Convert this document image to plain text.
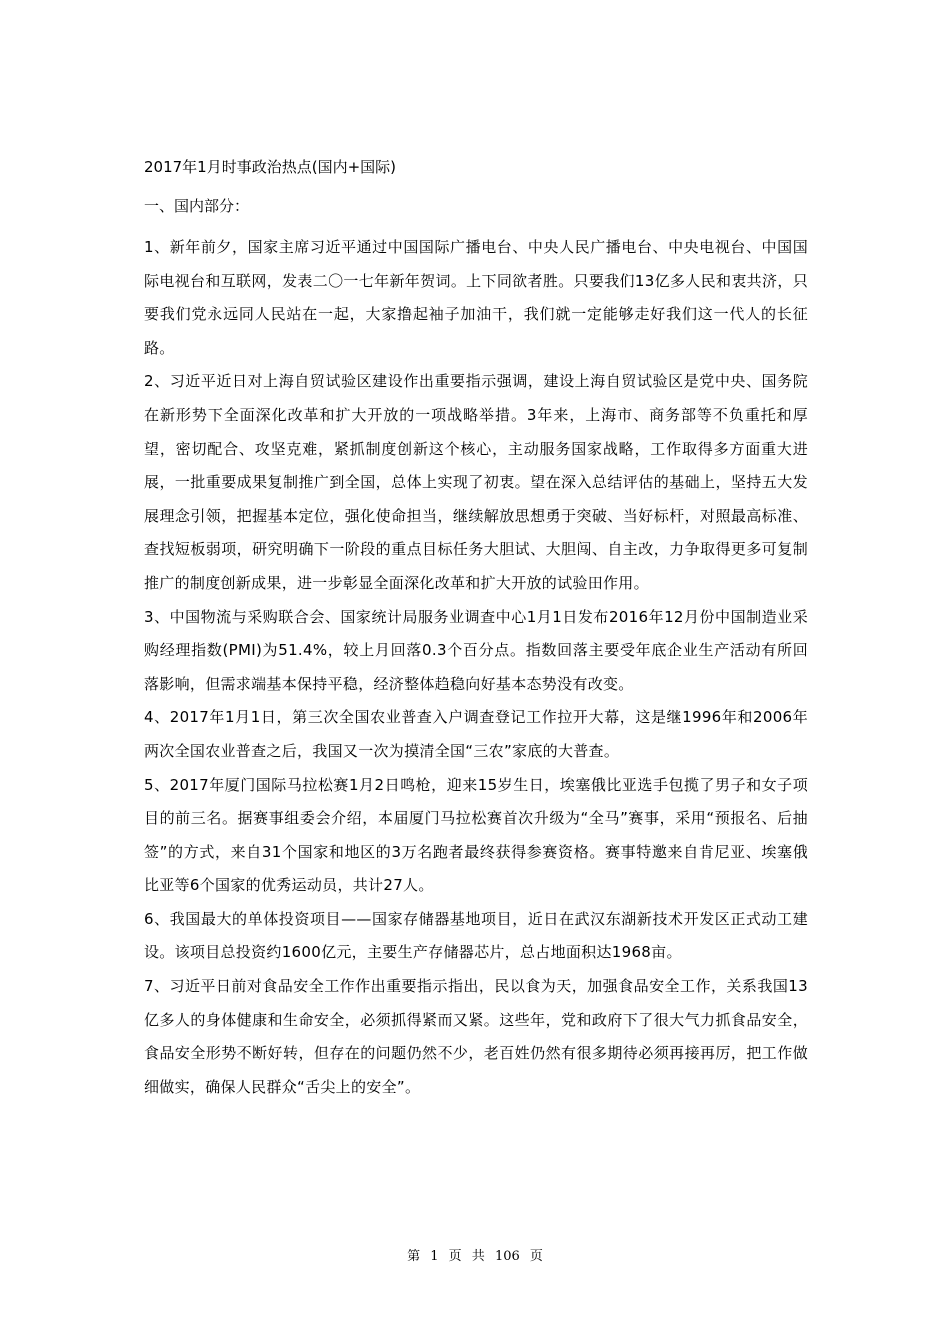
2017年1月时事政治热点(国内+国际)
一、国内部分：

1、新年前夕，国家主席习近平通过中国国际广播电台、中央人民广播电台、中央电视台、中国国际电视台和互联网，发表二〇一七年新年贺词。上下同欲者胜。只要我们13亿多人民和衷共济，只要我们党永远同人民站在一起，大家撸起袖子加油干，我们就一定能够走好我们这一代人的长征路。

2、习近平近日对上海自贸试验区建设作出重要指示强调，建设上海自贸试验区是党中央、国务院在新形势下全面深化改革和扩大开放的一项战略举措。3年来，上海市、商务部等不负重托和厚望，密切配合、攻坚克难，紧抓制度创新这个核心，主动服务国家战略，工作取得多方面重大进展，一批重要成果复制推广到全国，总体上实现了初衷。望在深入总结评估的基础上，坚持五大发展理念引领，把握基本定位，强化使命担当，继续解放思想勇于突破、当好标杆，对照最高标准、查找短板弱项，研究明确下一阶段的重点目标任务大胆试、大胆闯、自主改，力争取得更多可复制推广的制度创新成果，进一步彰显全面深化改革和扩大开放的试验田作用。

3、中国物流与采购联合会、国家统计局服务业调查中心1月1日发布2016年12月份中国制造业采购经理指数(PMI)为51.4%，较上月回落0.3个百分点。指数回落主要受年底企业生产活动有所回落影响，但需求端基本保持平稳，经济整体趋稳向好基本态势没有改变。

4、2017年1月1日，第三次全国农业普查入户调查登记工作拉开大幕，这是继1996年和2006年两次全国农业普查之后，我国又一次为摸清全国“三农”家底的大普查。

5、2017年厦门国际马拉松赛1月2日鸣枪，迎来15岁生日，埃塞俄比亚选手包揽了男子和女子项目的前三名。据赛事组委会介绍，本届厦门马拉松赛首次升级为“全马”赛事，采用“预报名、后抽签”的方式，来自31个国家和地区的3万名跑者最终获得参赛资格。赛事特邀来自肯尼亚、埃塞俄比亚等6个国家的优秀运动员，共计27人。

6、我国最大的单体投资项目——国家存储器基地项目，近日在武汉东湖新技术开发区正式动工建设。该项目总投资约1600亿元，主要生产存储器芯片，总占地面积达1968亩。

7、习近平日前对食品安全工作作出重要指示指出，民以食为天，加强食品安全工作，关系我国13亿多人的身体健康和生命安全，必须抓得紧而又紧。这些年，党和政府下了很大气力抓食品安全，食品安全形势不断好转，但存在的问题仍然不少，老百姓仍然有很多期待必须再接再厉，把工作做细做实，确保人民群众“舌尖上的安全”。

第 1 页 共 106 页
